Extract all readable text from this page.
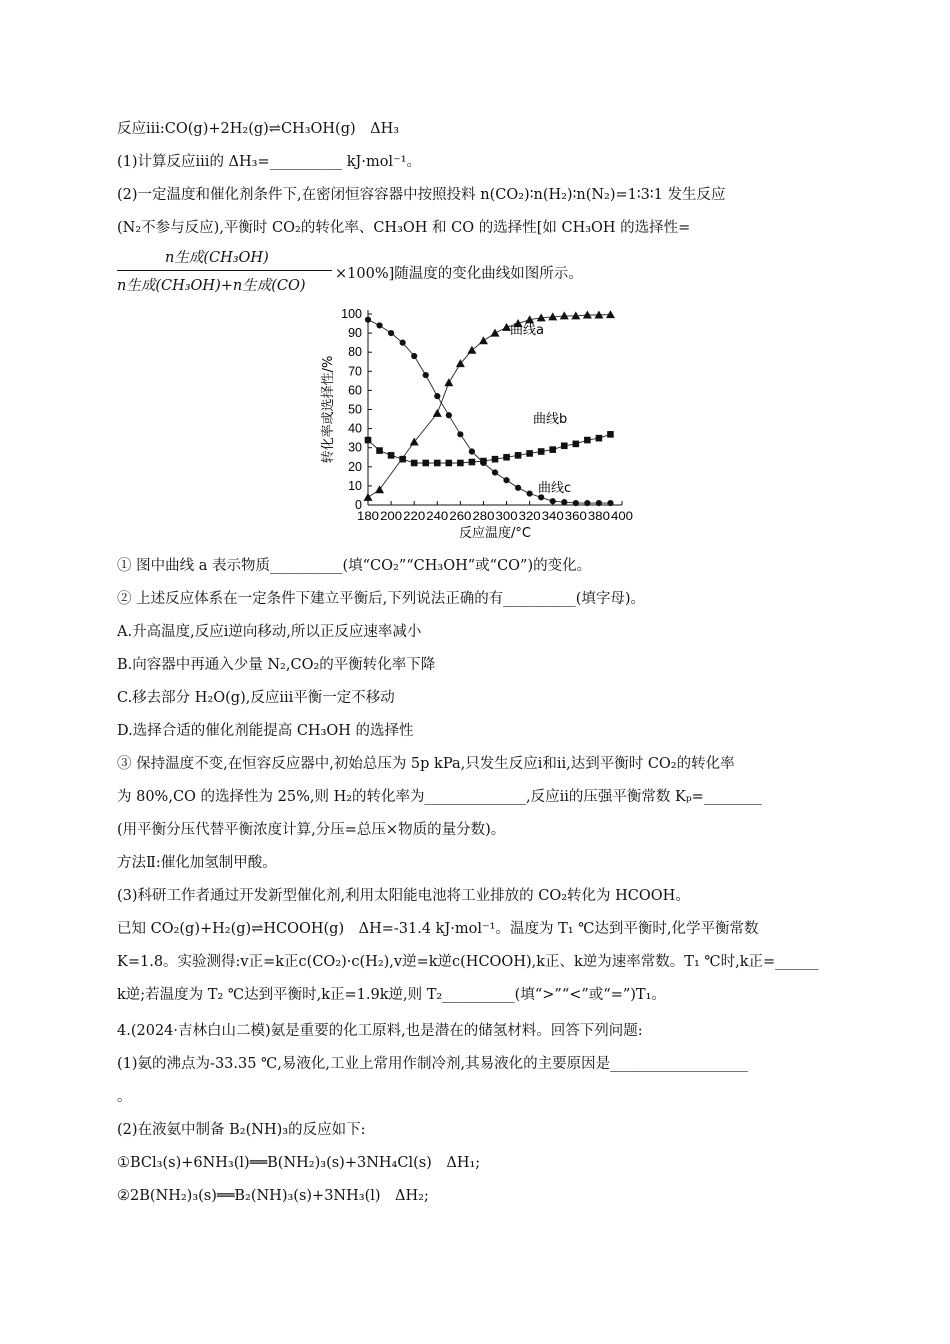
反应ⅲ:CO(g)+2H₂(g)⇌CH₃OH(g)　ΔH₃
(1)计算反应ⅲ的 ΔH₃=__________ kJ·mol⁻¹。
(2)一定温度和催化剂条件下,在密闭恒容容器中按照投料 n(CO₂)∶n(H₂)∶n(N₂)=1∶3∶1 发生反应
(N₂不参与反应),平衡时 CO₂的转化率、CH₃OH 和 CO 的选择性[如 CH₃OH 的选择性=
n生成(CH₃OH)
n生成(CH₃OH)+n生成(CO)
×100%]随温度的变化曲线如图所示。
0
10
20
30
40
50
60
70
80
90
100
180 200 220 240 260 280 300 320 340 360 380 400
反应温度/°C
转化率或选择性/%
曲线a
曲线b
曲线c
① 图中曲线 a 表示物质__________(填“CO₂”“CH₃OH”或“CO”)的变化。
② 上述反应体系在一定条件下建立平衡后,下列说法正确的有__________(填字母)。
A.升高温度,反应ⅰ逆向移动,所以正反应速率减小
B.向容器中再通入少量 N₂,CO₂的平衡转化率下降
C.移去部分 H₂O(g),反应ⅲ平衡一定不移动
D.选择合适的催化剂能提高 CH₃OH 的选择性
③ 保持温度不变,在恒容反应器中,初始总压为 5p kPa,只发生反应ⅰ和ⅱ,达到平衡时 CO₂的转化率
为 80%,CO 的选择性为 25%,则 H₂的转化率为______________,反应ⅱ的压强平衡常数 Kₚ=________
(用平衡分压代替平衡浓度计算,分压=总压×物质的量分数)。
方法Ⅱ:催化加氢制甲酸。
(3)科研工作者通过开发新型催化剂,利用太阳能电池将工业排放的 CO₂转化为 HCOOH。
已知 CO₂(g)+H₂(g)⇌HCOOH(g)　ΔH=-31.4 kJ·mol⁻¹。温度为 T₁ ℃达到平衡时,化学平衡常数
K=1.8。实验测得:v正=k正c(CO₂)·c(H₂),v逆=k逆c(HCOOH),k正、k逆为速率常数。T₁ ℃时,k正=______
k逆;若温度为 T₂ ℃达到平衡时,k正=1.9k逆,则 T₂__________(填“>”“<”或“=”)T₁。
4.(2024·吉林白山二模)氨是重要的化工原料,也是潜在的储氢材料。回答下列问题:
(1)氨的沸点为-33.35 ℃,易液化,工业上常用作制冷剂,其易液化的主要原因是___________________
。
(2)在液氨中制备 B₂(NH)₃的反应如下:
①BCl₃(s)+6NH₃(l)══B(NH₂)₃(s)+3NH₄Cl(s)　ΔH₁;
②2B(NH₂)₃(s)══B₂(NH)₃(s)+3NH₃(l)　ΔH₂;
